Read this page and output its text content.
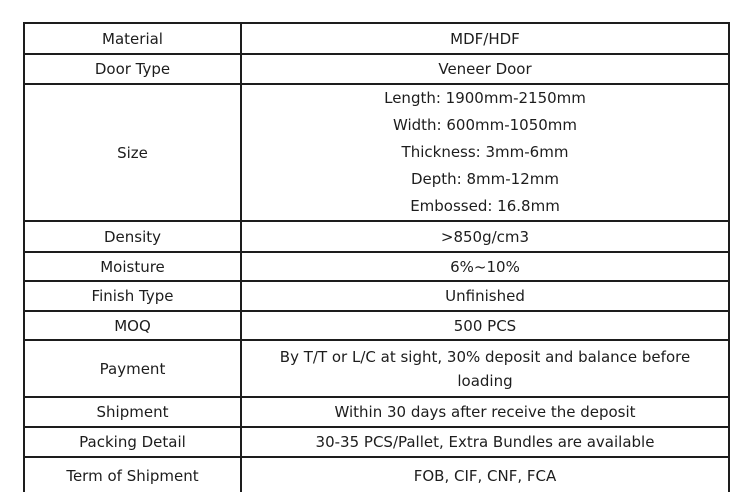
Material	MDF/HDF
Door Type	Veneer Door
Size	Length: 1900mm-2150mm
Width: 600mm-1050mm
Thickness: 3mm-6mm
Depth: 8mm-12mm
Embossed: 16.8mm

Density	>850g/cm3
Moisture	6%~10%
Finish Type	Unfinished
MOQ	500 PCS
Payment	By T/T or L/C at sight, 30% deposit and balance before
loading

Shipment	Within 30 days after receive the deposit
Packing Detail	30-35 PCS/Pallet, Extra Bundles are available
Term of Shipment	FOB, CIF, CNF, FCA
